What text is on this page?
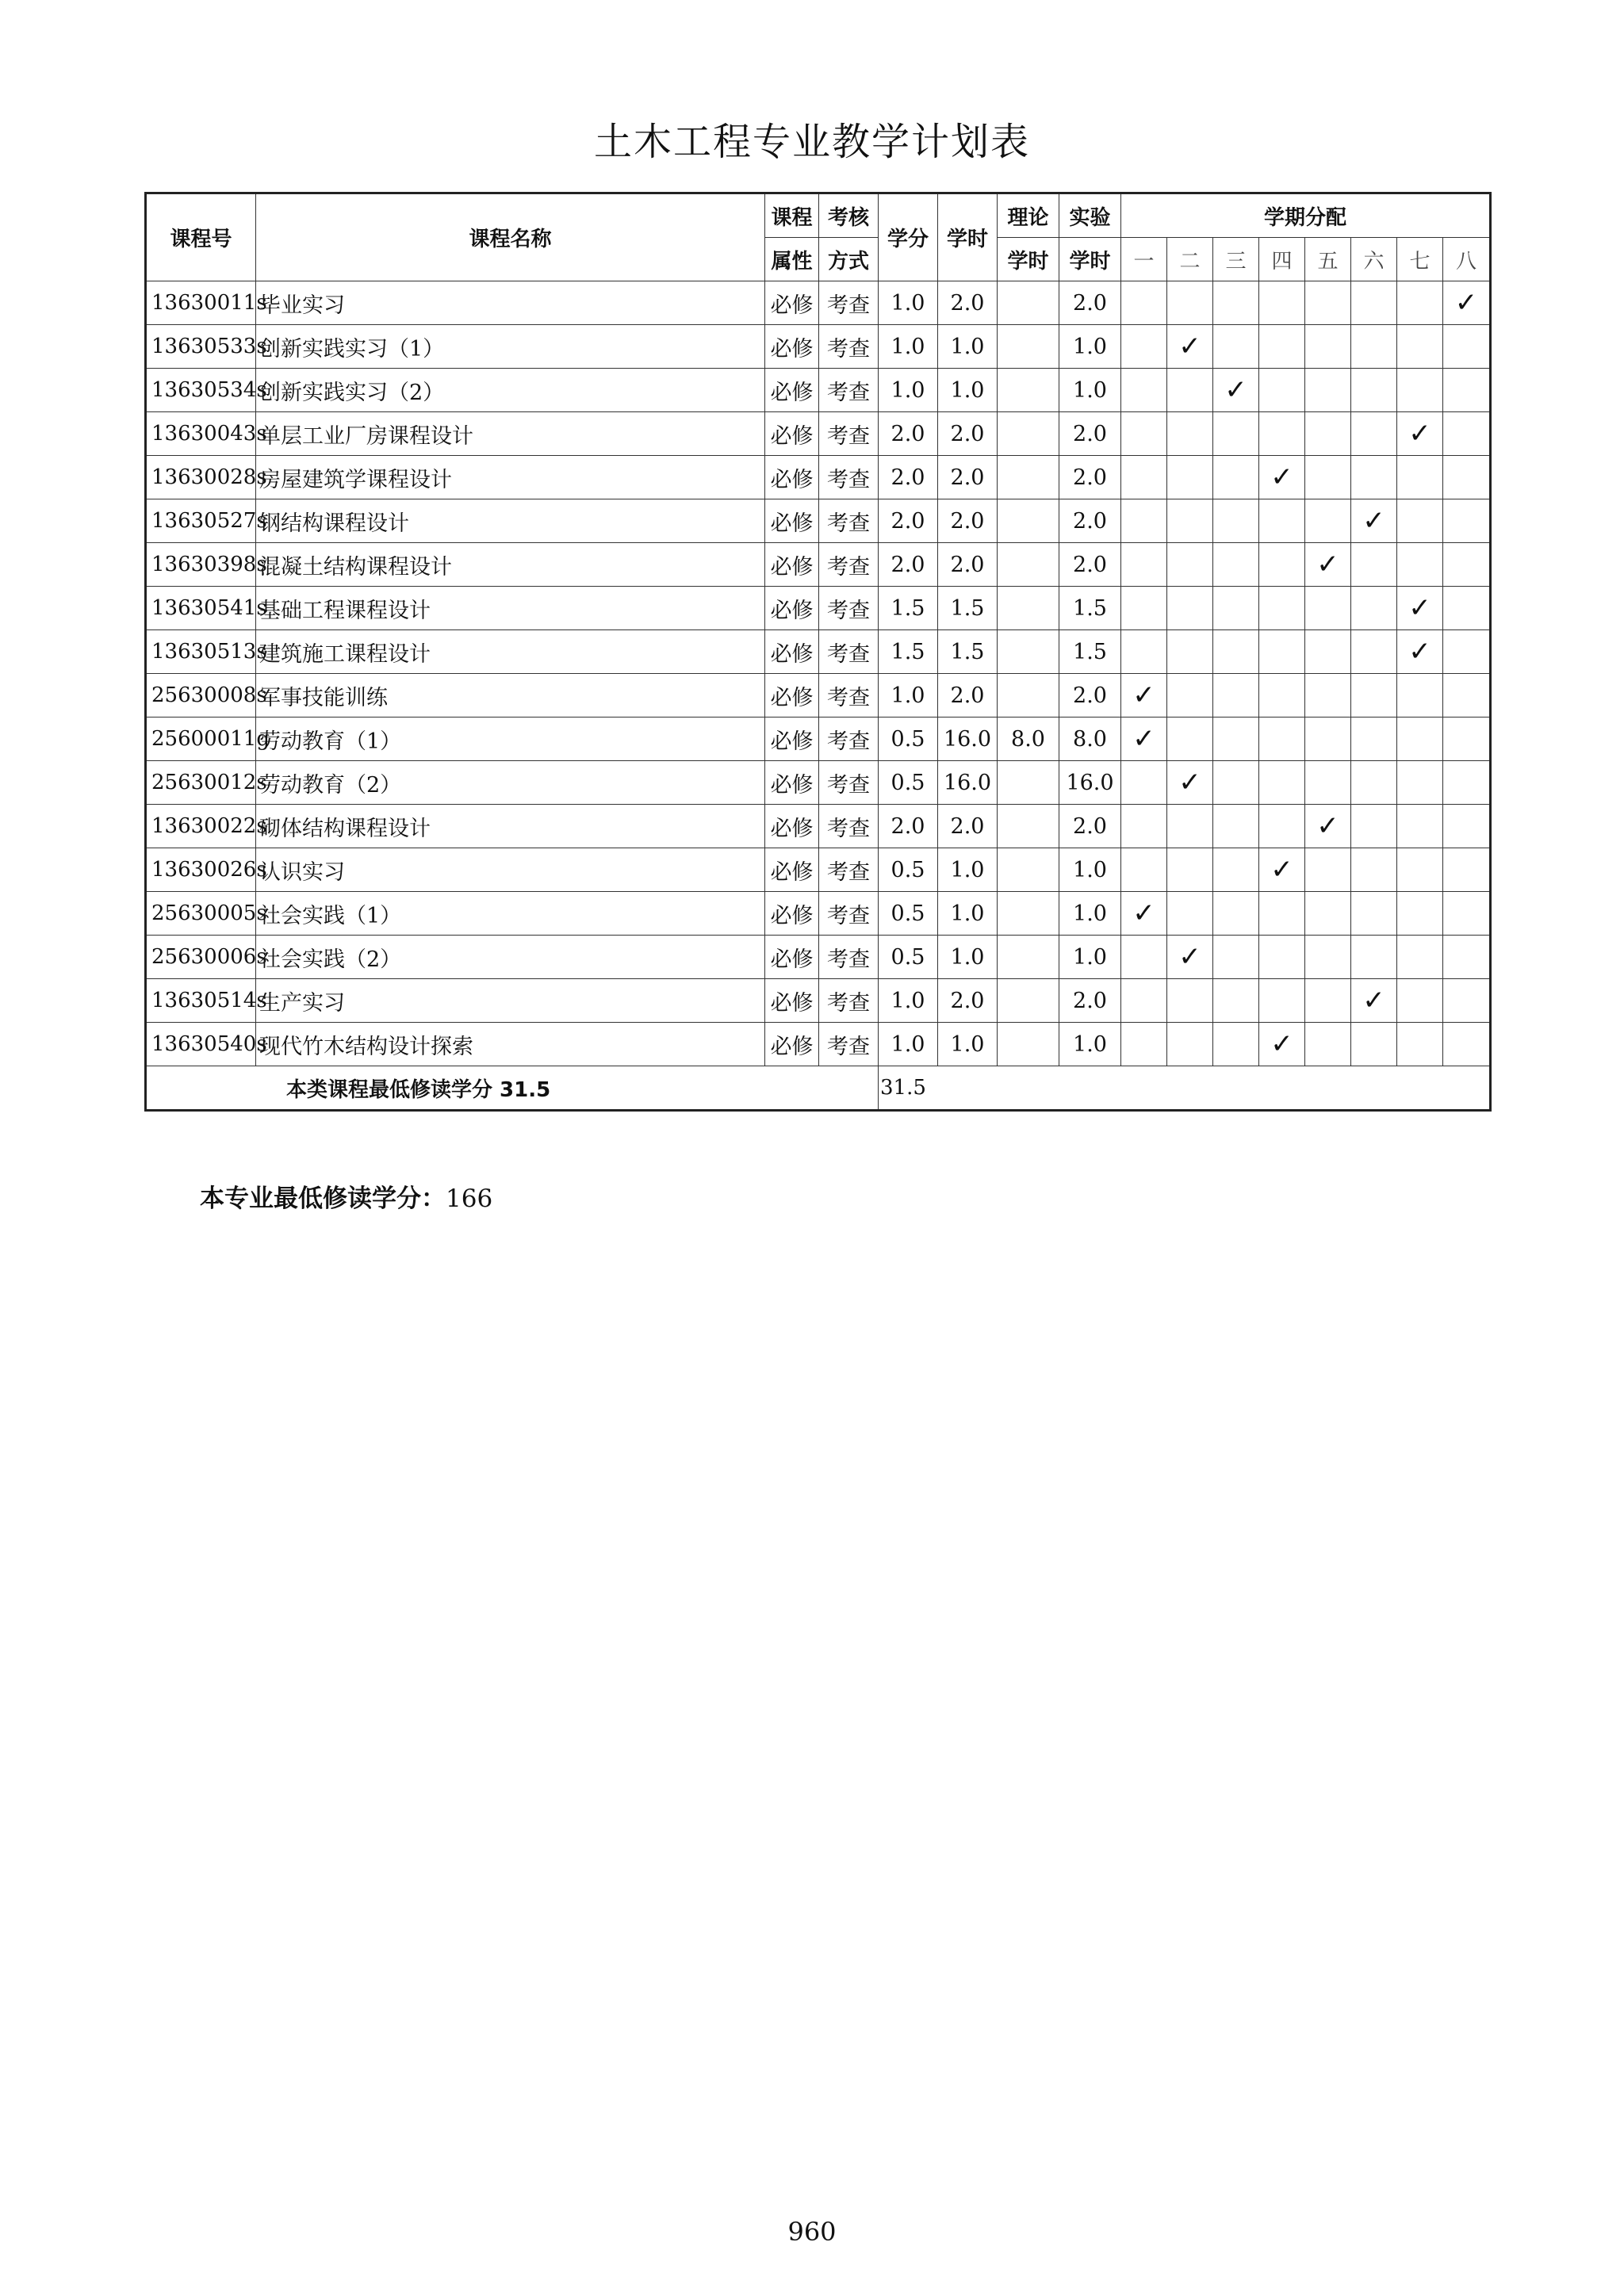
土木工程专业教学计划表
课程号	课程名称	课程	考核	学分	学时	理论	实验	学期分配							
		属性	方式			学时	学时	一	二	三	四	五	六	七	八
13630011s	毕业实习	必修	考查	1.0	2.0		2.0								✓
13630533s	创新实践实习（1）	必修	考查	1.0	1.0		1.0		✓						
13630534s	创新实践实习（2）	必修	考查	1.0	1.0		1.0			✓					
13630043s	单层工业厂房课程设计	必修	考查	2.0	2.0		2.0							✓	
13630028s	房屋建筑学课程设计	必修	考查	2.0	2.0		2.0				✓				
13630527s	钢结构课程设计	必修	考查	2.0	2.0		2.0						✓		
13630398s	混凝土结构课程设计	必修	考查	2.0	2.0		2.0					✓			
13630541s	基础工程课程设计	必修	考查	1.5	1.5		1.5							✓	
13630513s	建筑施工课程设计	必修	考查	1.5	1.5		1.5							✓	
25630008s	军事技能训练	必修	考查	1.0	2.0		2.0	✓							
25600011g	劳动教育（1）	必修	考查	0.5	16.0	8.0	8.0	✓							
25630012s	劳动教育（2）	必修	考查	0.5	16.0		16.0		✓						
13630022s	砌体结构课程设计	必修	考查	2.0	2.0		2.0					✓			
13630026s	认识实习	必修	考查	0.5	1.0		1.0				✓				
25630005s	社会实践（1）	必修	考查	0.5	1.0		1.0	✓							
25630006s	社会实践（2）	必修	考查	0.5	1.0		1.0		✓						
13630514s	生产实习	必修	考查	1.0	2.0		2.0						✓		
13630540s	现代竹木结构设计探索	必修	考查	1.0	1.0		1.0				✓				
本类课程最低修读学分 31.5				31.5											
本专业最低修读学分：166
960
